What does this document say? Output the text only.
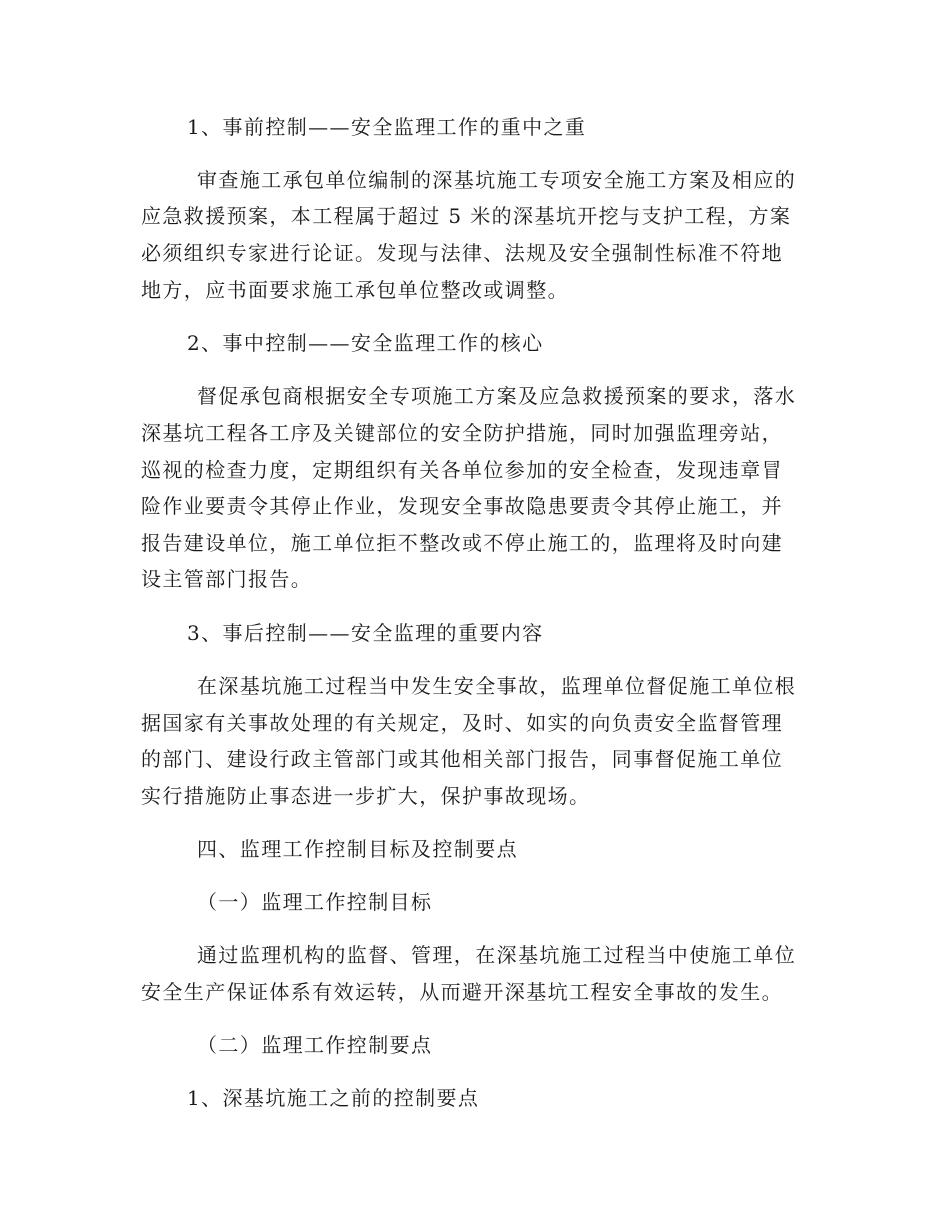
1、事前控制——安全监理工作的重中之重
审查施工承包单位编制的深基坑施工专项安全施工方案及相应的
应急救援预案，本工程属于超过 5 米的深基坑开挖与支护工程，方案
必须组织专家进行论证。发现与法律、法规及安全强制性标准不符地
地方，应书面要求施工承包单位整改或调整。
2、事中控制——安全监理工作的核心
督促承包商根据安全专项施工方案及应急救援预案的要求，落水
深基坑工程各工序及关键部位的安全防护措施，同时加强监理旁站，
巡视的检查力度，定期组织有关各单位参加的安全检查，发现违章冒
险作业要责令其停止作业，发现安全事故隐患要责令其停止施工，并
报告建设单位，施工单位拒不整改或不停止施工的，监理将及时向建
设主管部门报告。
3、事后控制——安全监理的重要内容
在深基坑施工过程当中发生安全事故，监理单位督促施工单位根
据国家有关事故处理的有关规定，及时、如实的向负责安全监督管理
的部门、建设行政主管部门或其他相关部门报告，同事督促施工单位
实行措施防止事态进一步扩大，保护事故现场。
四、监理工作控制目标及控制要点
（一）监理工作控制目标
通过监理机构的监督、管理，在深基坑施工过程当中使施工单位
安全生产保证体系有效运转，从而避开深基坑工程安全事故的发生。
（二）监理工作控制要点
1、深基坑施工之前的控制要点
